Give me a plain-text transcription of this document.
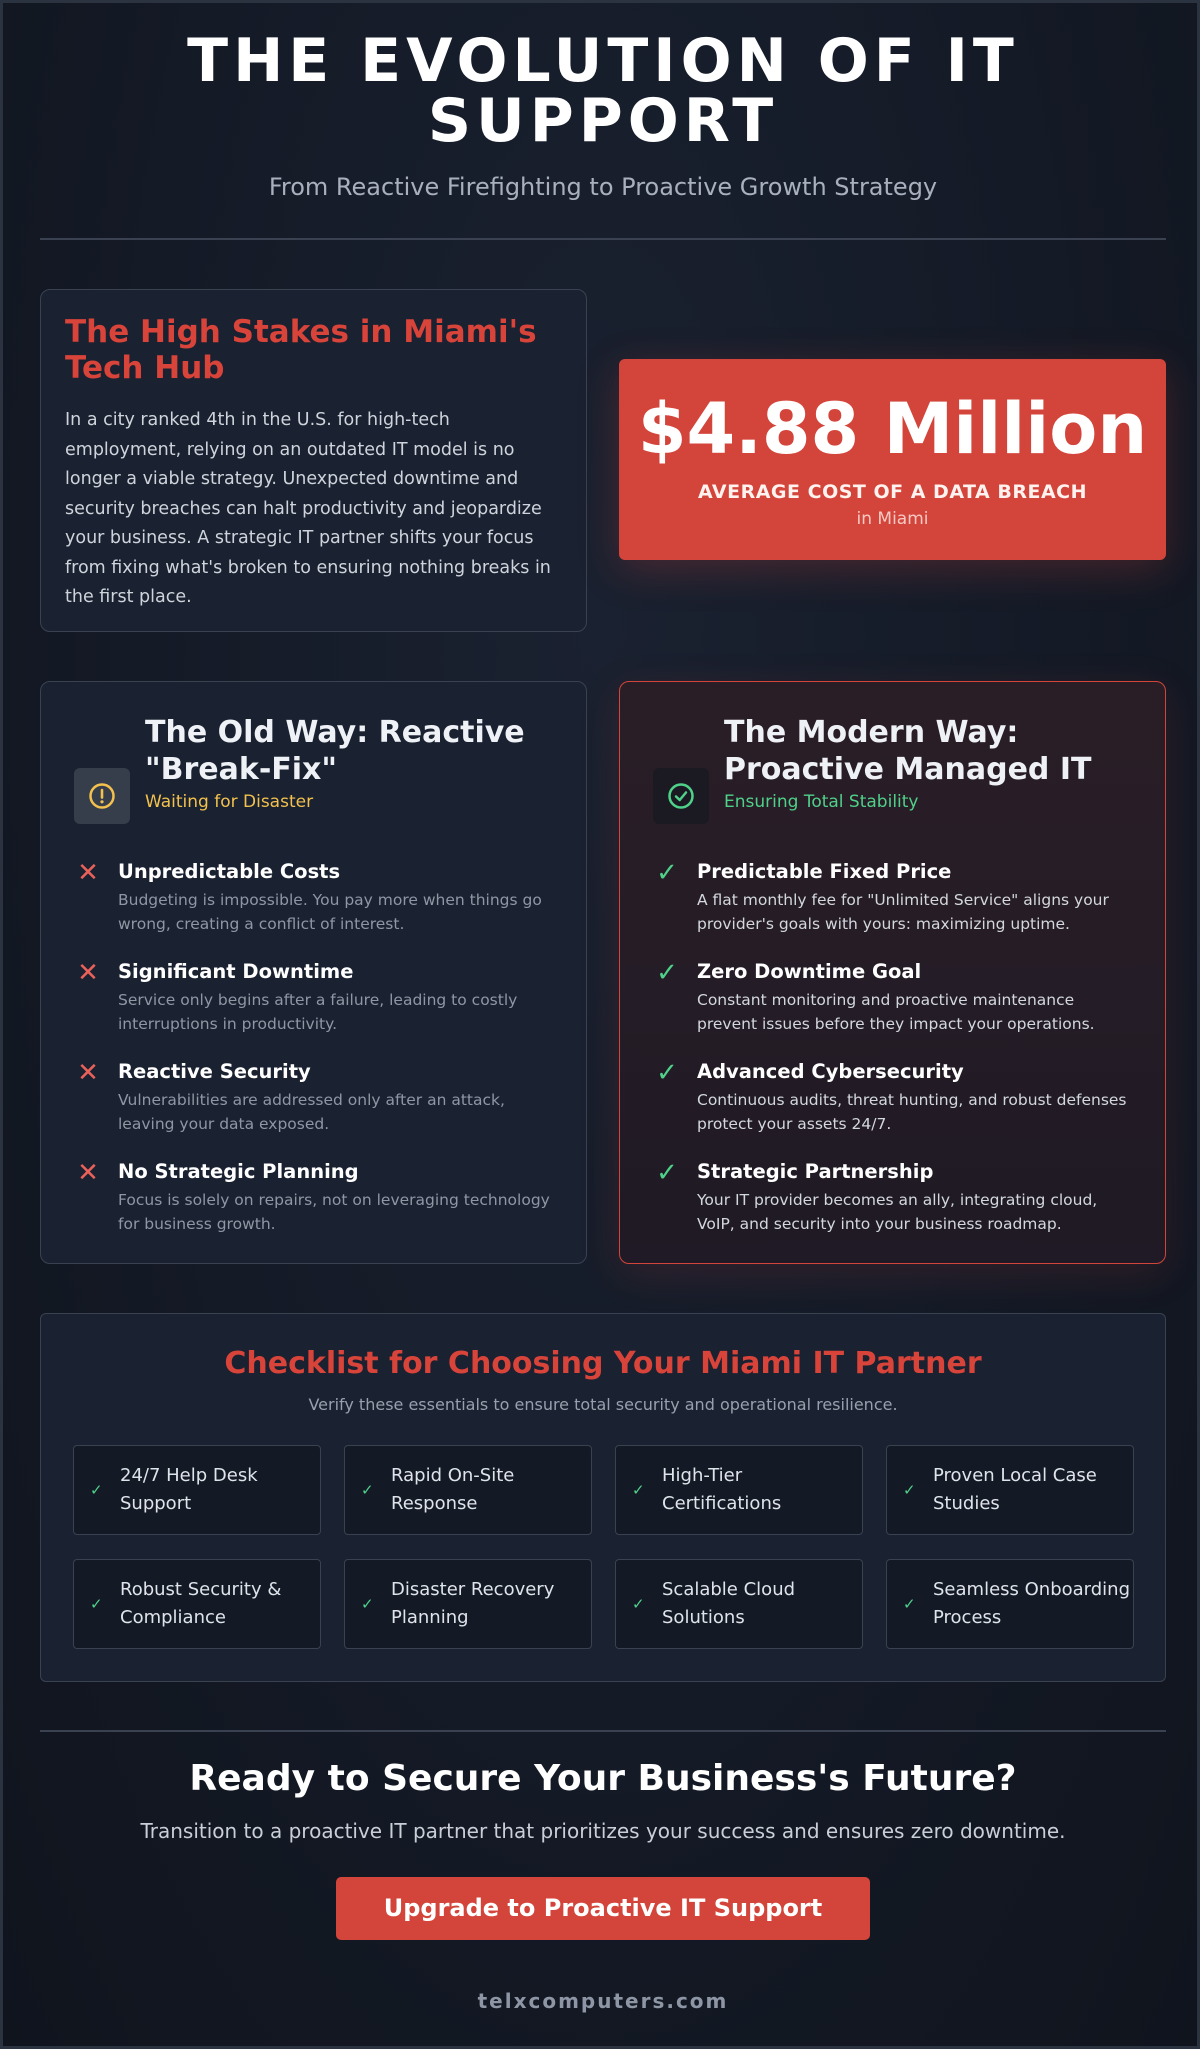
THE EVOLUTION OF IT SUPPORT
From Reactive Firefighting to Proactive Growth Strategy
The High Stakes in Miami's Tech Hub

In a city ranked 4th in the U.S. for high-tech employment, relying on an outdated IT model is no longer a viable strategy. Unexpected downtime and security breaches can halt productivity and jeopardize your business. A strategic IT partner shifts your focus from fixing what's broken to ensuring nothing breaks in the first place.

$4.88 Million
AVERAGE COST OF A DATA BREACH
in Miami
The Old Way: Reactive "Break-Fix"
Waiting for Disaster
✕ Unpredictable Costs
Budgeting is impossible. You pay more when things go wrong, creating a conflict of interest.
✕ Significant Downtime
Service only begins after a failure, leading to costly interruptions in productivity.
✕ Reactive Security
Vulnerabilities are addressed only after an attack, leaving your data exposed.
✕ No Strategic Planning
Focus is solely on repairs, not on leveraging technology for business growth.
The Modern Way: Proactive Managed IT
Ensuring Total Stability
✓ Predictable Fixed Price
A flat monthly fee for "Unlimited Service" aligns your provider's goals with yours: maximizing uptime.
✓ Zero Downtime Goal
Constant monitoring and proactive maintenance prevent issues before they impact your operations.
✓ Advanced Cybersecurity
Continuous audits, threat hunting, and robust defenses protect your assets 24/7.
✓ Strategic Partnership
Your IT provider becomes an ally, integrating cloud, VoIP, and security into your business roadmap.
Checklist for Choosing Your Miami IT Partner
Verify these essentials to ensure total security and operational resilience.
✓
24/7 Help Desk Support
✓
Rapid On-Site Response
✓
High-Tier Certifications
✓
Proven Local Case Studies
✓
Robust Security & Compliance
✓
Disaster Recovery Planning
✓
Scalable Cloud Solutions
✓
Seamless Onboarding Process
Ready to Secure Your Business's Future?

Transition to a proactive IT partner that prioritizes your success and ensures zero downtime.

Upgrade to Proactive IT Support
telxcomputers.com
